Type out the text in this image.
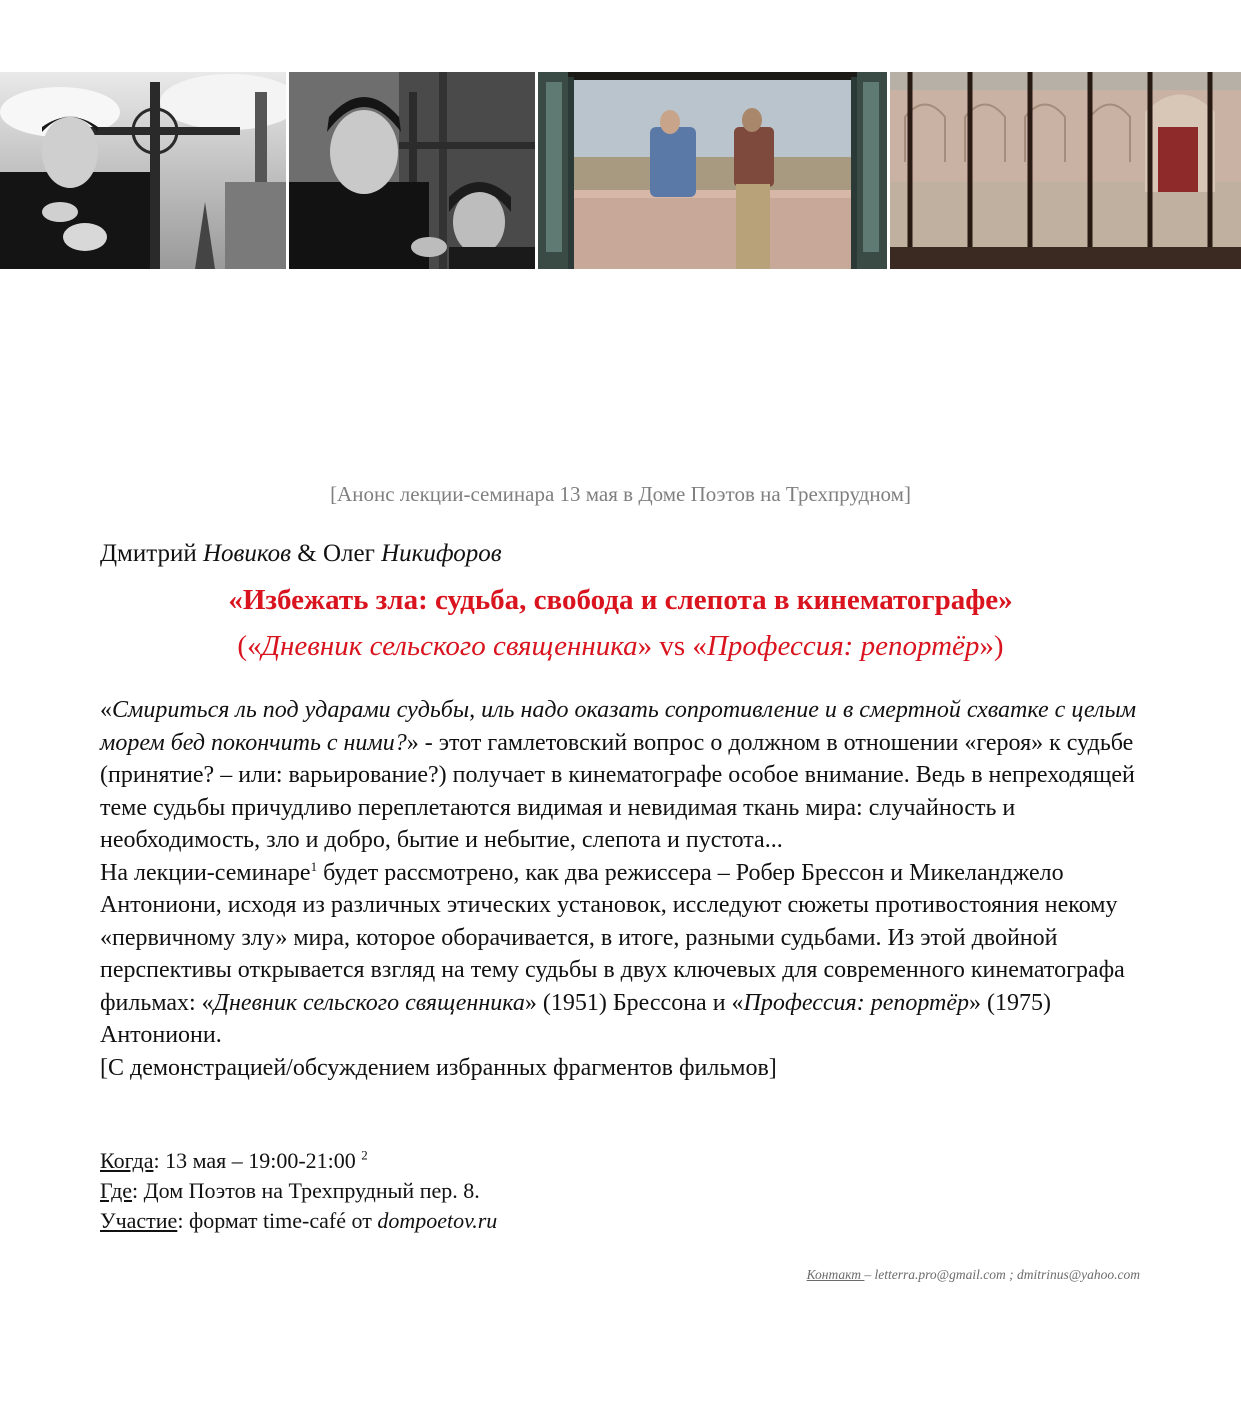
[Анонс лекции-семинара 13 мая в Доме Поэтов на Трехпрудном]
Дмитрий Новиков & Олег Никифоров
«Избежать зла: судьба, свобода и слепота в кинематографе»
(«Дневник сельского священника» vs «Профессия: репортёр»)

«Смириться ль под ударами судьбы, иль надо оказать сопротивление и в смертной схватке с целым морем бед покончить с ними?» - этот гамлетовский вопрос о должном в отношении «героя» к судьбе (принятие? – или: варьирование?) получает в кинематографе особое внимание. Ведь в непреходящей теме судьбы причудливо переплетаются видимая и невидимая ткань мира: случайность и необходимость, зло и добро, бытие и небытие, слепота и пустота...

На лекции-семинаре$^1$ будет рассмотрено, как два режиссера – Робер Брессон и Микеланджело Антониони, исходя из различных этических установок, исследуют сюжеты противостояния некому «первичному злу» мира, которое оборачивается, в итоге, разными судьбами. Из этой двойной перспективы открывается взгляд на тему судьбы в двух ключевых для современного кинематографа фильмах: «Дневник сельского священника» (1951) Брессона и «Профессия: репортёр» (1975) Антониони.

[С демонстрацией/обсуждением избранных фрагментов фильмов]

Когда: 13 мая – 19:00-21:00 $^2$
Где: Дом Поэтов на Трехпрудный пер. 8.
Участие: формат time-café от dompoetov.ru
Контакт – letterra.pro@gmail.com ; dmitrinus@yahoo.com
